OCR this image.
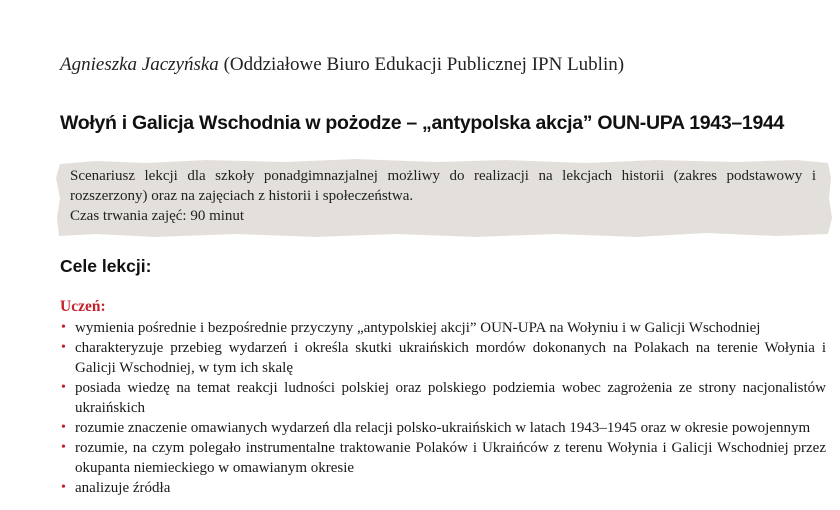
Agnieszka Jaczyńska (Oddziałowe Biuro Edukacji Publicznej IPN Lublin)
Wołyń i Galicja Wschodnia w pożodze – „antypolska akcja” OUN-UPA 1943–1944

Scenariusz lekcji dla szkoły ponadgimnazjalnej możliwy do realizacji na lekcjach historii (zakres podstawowy i rozszerzony) oraz na zajęciach z historii i społeczeństwa.

Czas trwania zajęć: 90 minut

Cele lekcji:
Uczeń:
• wymienia pośrednie i bezpośrednie przyczyny „antypolskiej akcji” OUN-UPA na Wołyniu i w Galicji Wschodniej
• charakteryzuje przebieg wydarzeń i określa skutki ukraińskich mordów dokonanych na Polakach na terenie Wołynia i Galicji Wschodniej, w tym ich skalę
• posiada wiedzę na temat reakcji ludności polskiej oraz polskiego podziemia wobec zagrożenia ze strony nacjonalistów ukraińskich
• rozumie znaczenie omawianych wydarzeń dla relacji polsko-ukraińskich w latach 1943–1945 oraz w okresie powojennym
• rozumie, na czym polegało instrumentalne traktowanie Polaków i Ukraińców z terenu Wołynia i Galicji Wschodniej przez okupanta niemieckiego w omawianym okresie
• analizuje źródła
